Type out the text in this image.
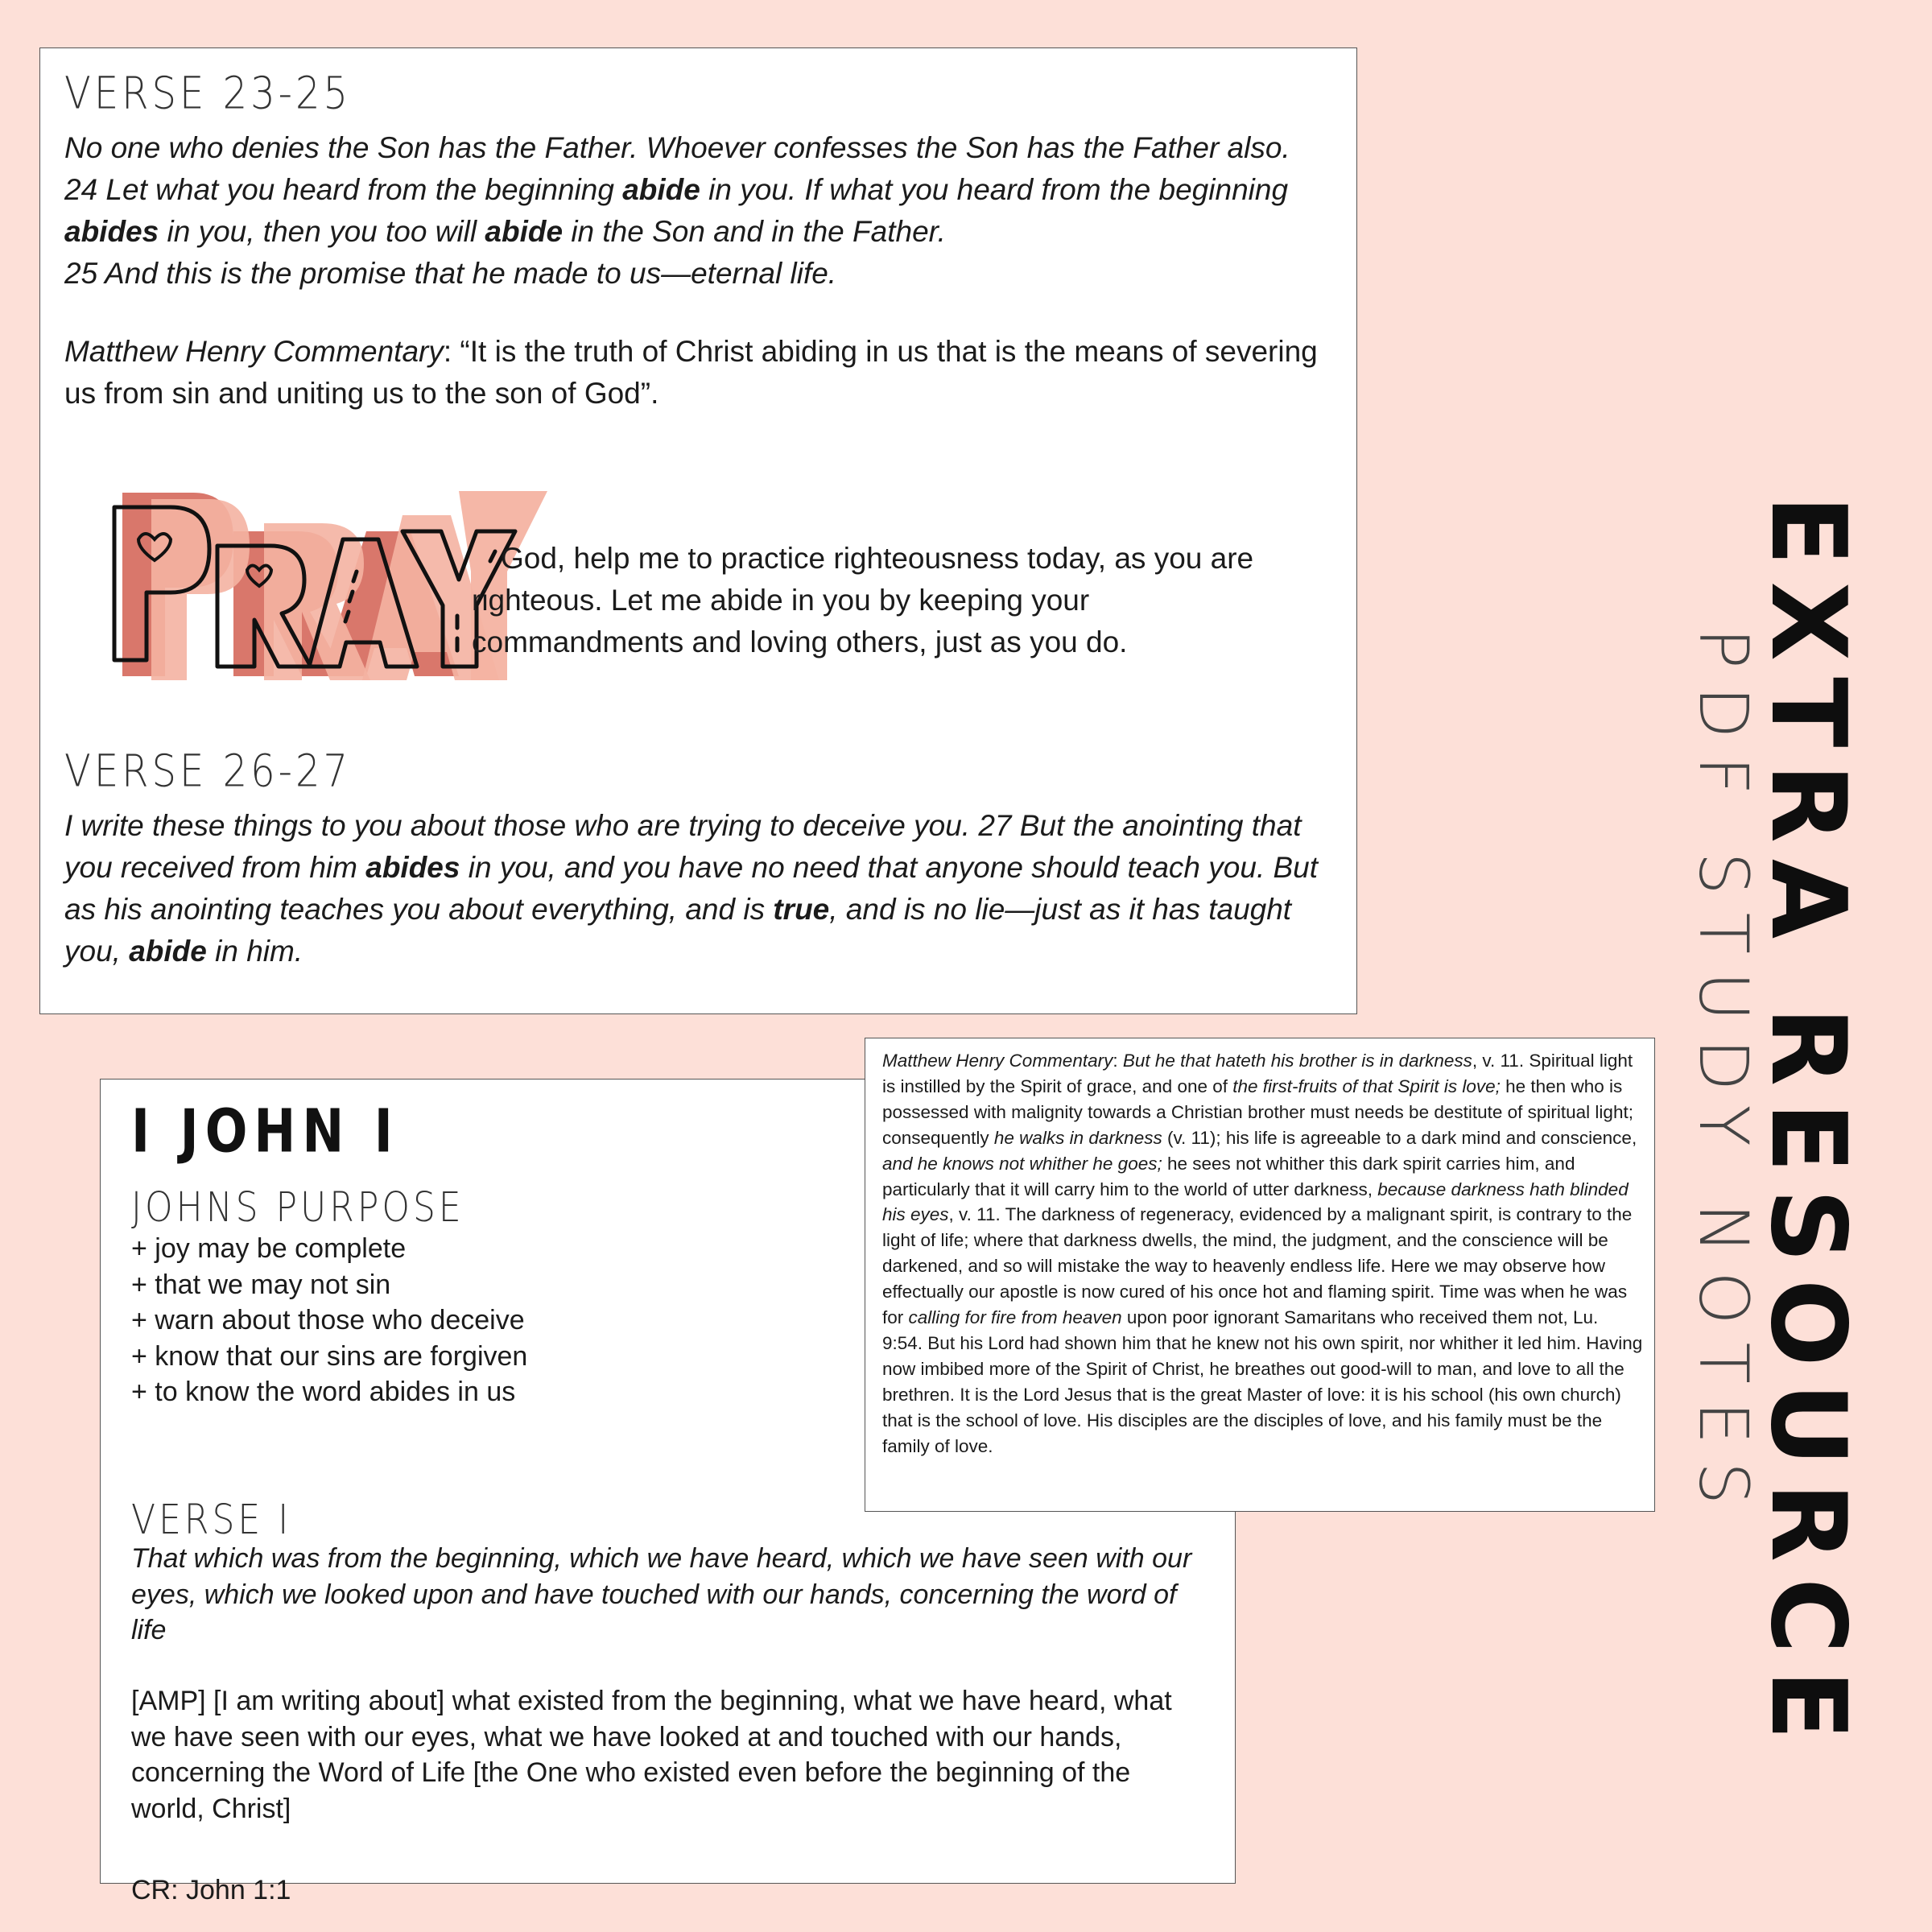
VERSE 23-25
No one who denies the Son has the Father. Whoever confesses the Son has the Father also. 24 Let what you heard from the beginning abide in you. If what you heard from the beginning abides in you, then you too will abide in the Son and in the Father.
25 And this is the promise that he made to us—eternal life.
Matthew Henry Commentary: “It is the truth of Christ abiding in us that is the means of severing us from sin and uniting us to the son of God”.
God, help me to practice righteousness today, as you are righteous. Let me abide in you by keeping your commandments and loving others, just as you do.
VERSE 26-27
I write these things to you about those who are trying to deceive you. 27 But the anointing that you received from him abides in you, and you have no need that anyone should teach you. But as his anointing teaches you about everything, and is true, and is no lie—just as it has taught you, abide in him.
I JOHN I
JOHNS PURPOSE
+ joy may be complete
+ that we may not sin
+ warn about those who deceive
+ know that our sins are forgiven
+ to know the word abides in us
VERSE I
That which was from the beginning, which we have heard, which we have seen with our eyes, which we looked upon and have touched with our hands, concerning the word of life
[AMP] [I am writing about] what existed from the beginning, what we have heard, what we have seen with our eyes, what we have looked at and touched with our hands, concerning the Word of Life [the One who existed even before the beginning of the world, Christ]
CR: John 1:1
Matthew Henry Commentary: But he that hateth his brother is in darkness, v. 11. Spiritual light is instilled by the Spirit of grace, and one of the first-fruits of that Spirit is love; he then who is possessed with malignity towards a Christian brother must needs be destitute of spiritual light; consequently he walks in darkness (v. 11); his life is agreeable to a dark mind and conscience, and he knows not whither he goes; he sees not whither this dark spirit carries him, and particularly that it will carry him to the world of utter darkness, because darkness hath blinded his eyes, v. 11. The darkness of regeneracy, evidenced by a malignant spirit, is contrary to the light of life; where that darkness dwells, the mind, the judgment, and the conscience will be darkened, and so will mistake the way to heavenly endless life. Here we may observe how effectually our apostle is now cured of his once hot and flaming spirit. Time was when he was for calling for fire from heaven upon poor ignorant Samaritans who received them not, Lu. 9:54. But his Lord had shown him that he knew not his own spirit, nor whither it led him. Having now imbibed more of the Spirit of Christ, he breathes out good-will to man, and love to all the brethren. It is the Lord Jesus that is the great Master of love: it is his school (his own church) that is the school of love. His disciples are the disciples of love, and his family must be the family of love.	PDF STUDY NOTES
EXTRA RESOURCE
